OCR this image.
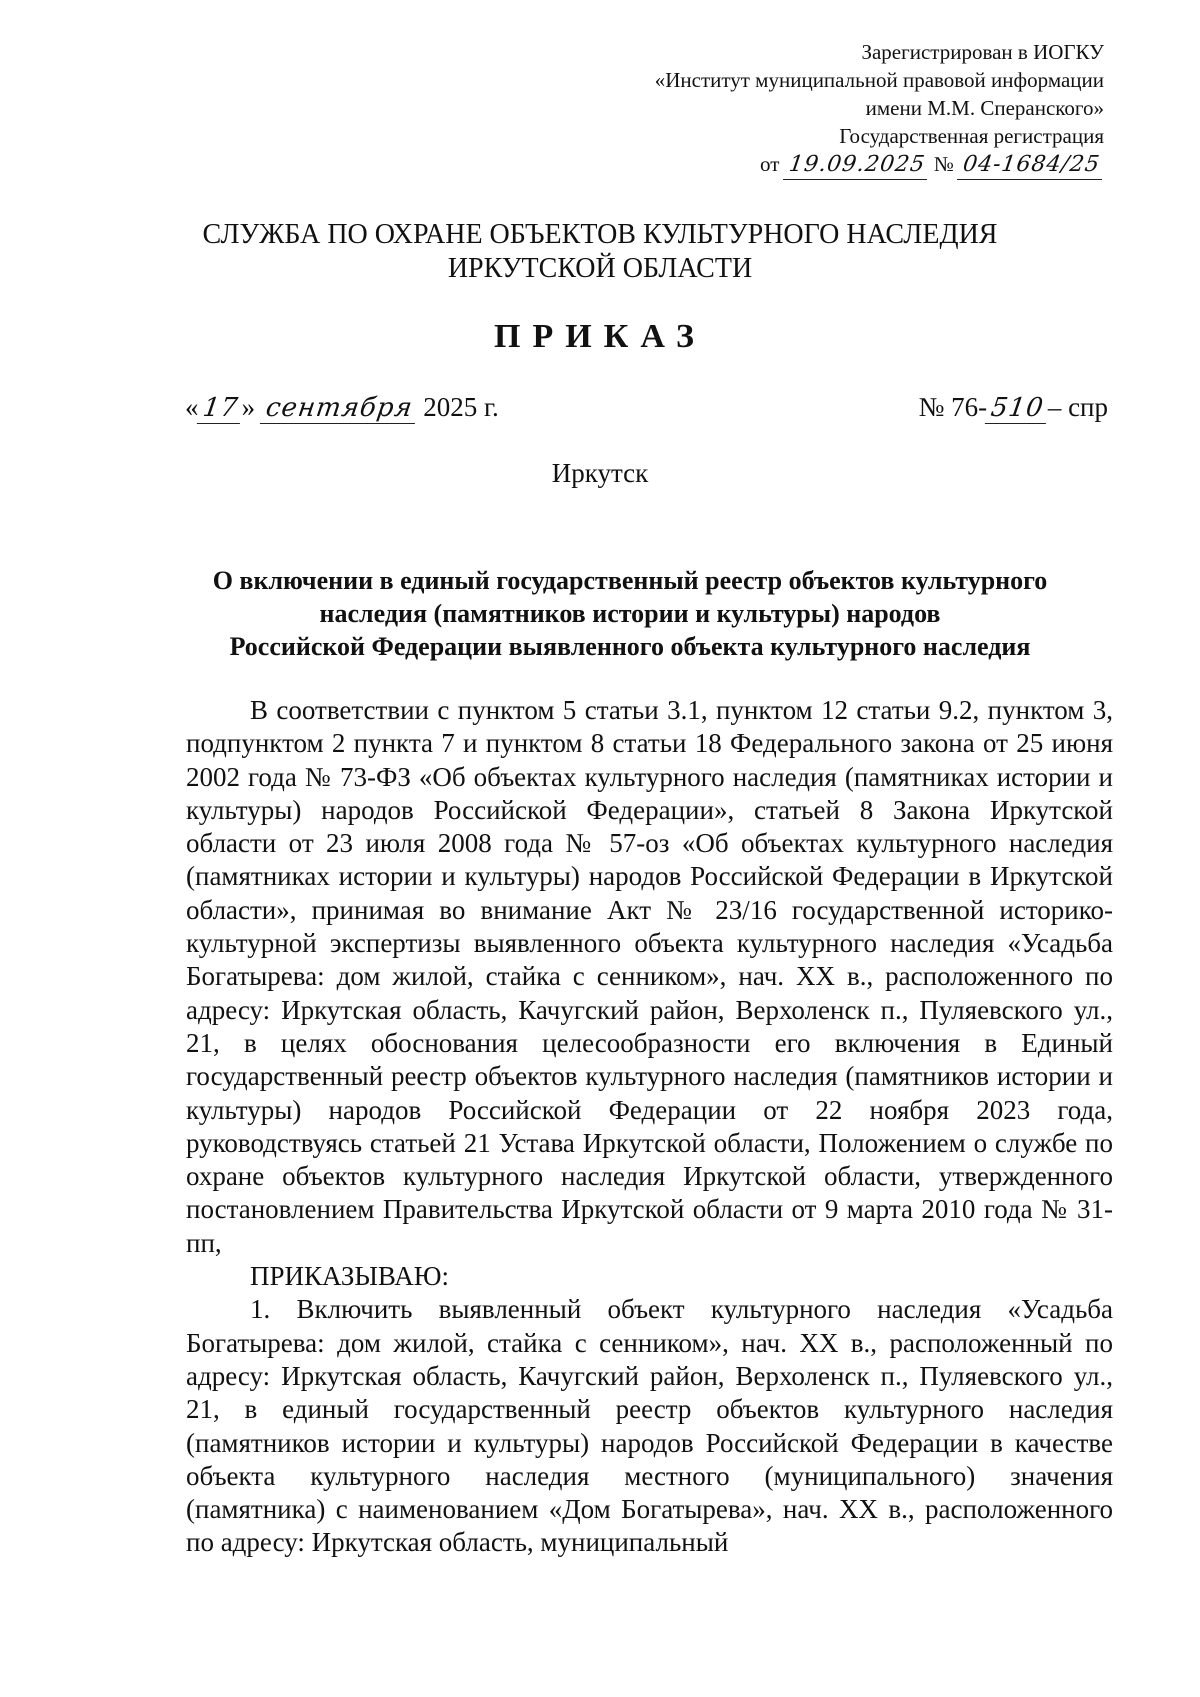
Зарегистрирован в ИОГКУ
«Институт муниципальной правовой информации
имени М.М. Сперанского»
Государственная регистрация
от 19.09.2025 № 04-1684/25
СЛУЖБА ПО ОХРАНЕ ОБЪЕКТОВ КУЛЬТУРНОГО НАСЛЕДИЯ
ИРКУТСКОЙ ОБЛАСТИ
ПРИКАЗ
«17» сентября 2025 г.	№ 76-510– спр
Иркутск
О включении в единый государственный реестр объектов культурного
наследия (памятников истории и культуры) народов
Российской Федерации выявленного объекта культурного наследия

В соответствии с пунктом 5 статьи 3.1, пунктом 12 статьи 9.2, пунктом 3, подпунктом 2 пункта 7 и пунктом 8 статьи 18 Федерального закона от 25 июня 2002 года № 73-ФЗ «Об объектах культурного наследия (памятниках истории и культуры) народов Российской Федерации», статьей 8 Закона Иркутской области от 23 июля 2008 года № 57-оз «Об объектах культурного наследия (памятниках истории и культуры) народов Российской Федерации в Иркутской области», принимая во внимание Акт № 23/16 государственной историко-культурной экспертизы выявленного объекта культурного наследия «Усадьба Богатырева: дом жилой, стайка с сенником», нач. XX в., расположенного по адресу: Иркутская область, Качугский район, Верхоленск п., Пуляевского ул., 21, в целях обоснования целесообразности его включения в Единый государственный реестр объектов культурного наследия (памятников истории и культуры) народов Российской Федерации от 22 ноября 2023 года, руководствуясь статьей 21 Устава Иркутской области, Положением о службе по охране объектов культурного наследия Иркутской области, утвержденного постановлением Правительства Иркутской области от 9 марта 2010 года № 31-пп,

ПРИКАЗЫВАЮ:

1. Включить выявленный объект культурного наследия «Усадьба Богатырева: дом жилой, стайка с сенником», нач. XX в., расположенный по адресу: Иркутская область, Качугский район, Верхоленск п., Пуляевского ул., 21, в единый государственный реестр объектов культурного наследия (памятников истории и культуры) народов Российской Федерации в качестве объекта культурного наследия местного (муниципального) значения (памятника) с наименованием «Дом Богатырева», нач. XX в., расположенного по адресу: Иркутская область, муниципальный
